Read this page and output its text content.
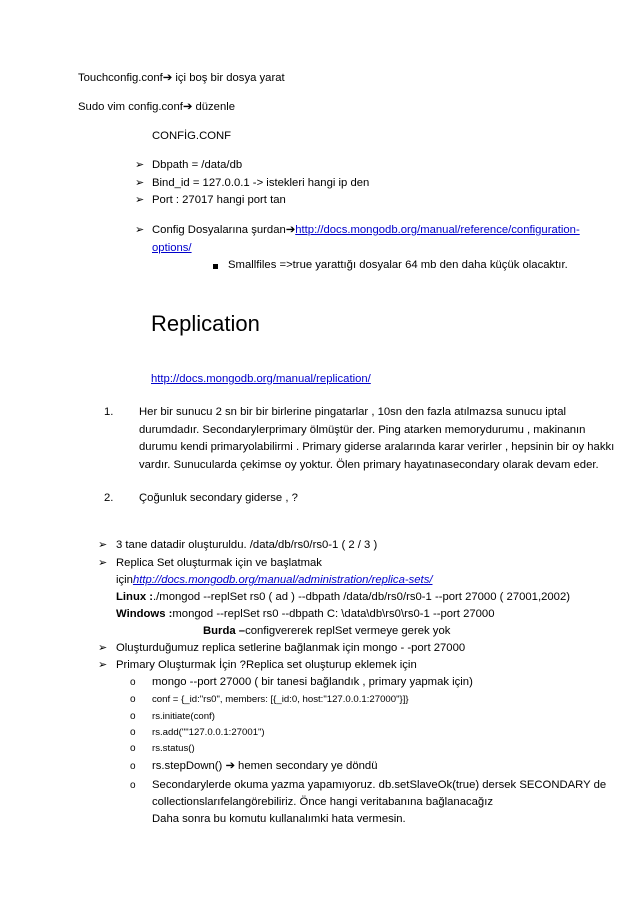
Touchconfig.conf➔ içi boş bir dosya yarat
Sudo vim config.conf➔ düzenle
CONFİG.CONF
➢ Dbpath = /data/db
➢ Bind_id = 127.0.0.1 -> istekleri hangi ip den
➢ Port : 27017 hangi port tan
➢ Config Dosyalarına şurdan➔http://docs.mongodb.org/manual/reference/configuration-
options/
Smallfiles =>true yarattığı dosyalar 64 mb den daha küçük olacaktır.
Replication
http://docs.mongodb.org/manual/replication/
1. Her bir sunucu 2 sn bir bir birlerine pingatarlar , 10sn den fazla atılmazsa sunucu iptal
durumdadır. Secondarylerprimary ölmüştür der. Ping atarken memorydurumu , makinanın
durumu kendi primaryolabilirmi . Primary giderse aralarında karar verirler , hepsinin bir oy hakkı
vardır. Sunucularda çekimse oy yoktur. Ölen primary hayatınasecondary olarak devam eder.
2. Çoğunluk secondary giderse , ?
➢ 3 tane datadir oluşturuldu. /data/db/rs0/rs0-1 ( 2 / 3 )
➢ Replica Set oluşturmak için ve başlatmak
içinhttp://docs.mongodb.org/manual/administration/replica-sets/
Linux :./mongod --replSet rs0 ( ad ) --dbpath /data/db/rs0/rs0-1 --port 27000 ( 27001,2002)
Windows :mongod --replSet rs0 --dbpath C: \data\db\rs0\rs0-1 --port 27000
Burda –configvererek replSet vermeye gerek yok
➢ Oluşturduğumuz replica setlerine bağlanmak için mongo - -port 27000
➢ Primary Oluşturmak İçin ?Replica set oluşturup eklemek için
o mongo --port 27000 ( bir tanesi bağlandık , primary yapmak için)
o conf = {_id:"rs0", members: [{_id:0, host:"127.0.0.1:27000"}]}
o rs.initiate(conf)
o rs.add(""127.0.0.1:27001")
o rs.status()
o rs.stepDown() ➔ hemen secondary ye döndü
o Secondarylerde okuma yazma yapamıyoruz. db.setSlaveOk(true) dersek SECONDARY de
collectionslarıfelangörebiliriz. Önce hangi veritabanına bağlanacağız
Daha sonra bu komutu kullanalımki hata vermesin.
